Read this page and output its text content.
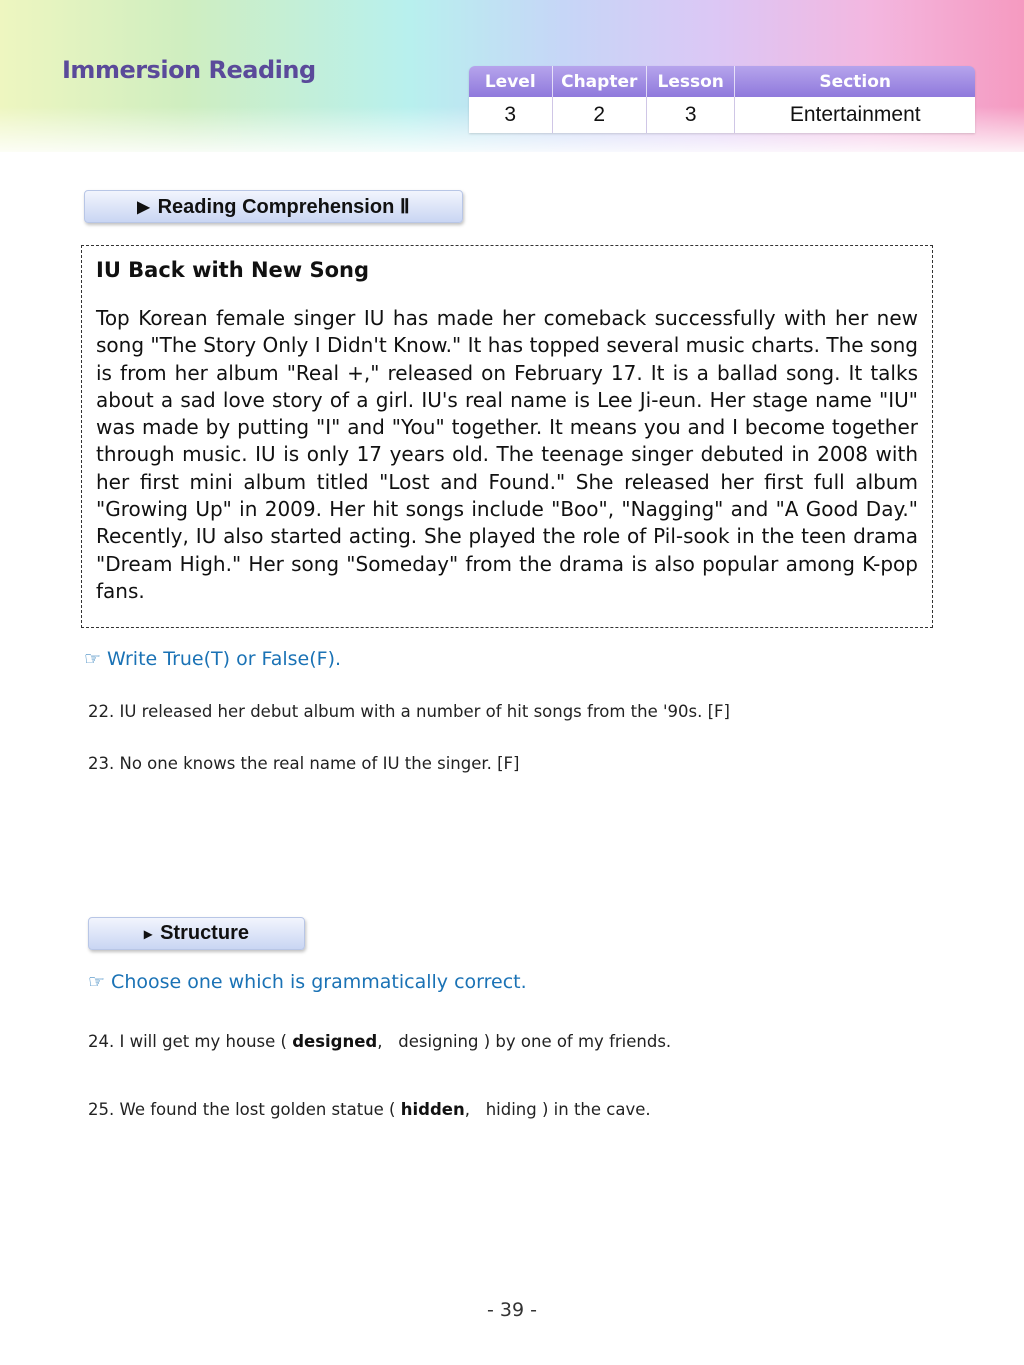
Immersion Reading	Level	Chapter	Lesson	Section
3	2	3	Entertainment
▶ Reading Comprehension Ⅱ

IU Back with New Song

Top Korean female singer IU has made her comeback successfully with her new song "The Story Only I Didn't Know." It has topped several music charts. The song is from her album "Real +," released on February 17. It is a ballad song. It talks about a sad love story of a girl. IU's real name is Lee Ji-eun. Her stage name "IU" was made by putting "I" and "You" together. It means you and I become together through music. IU is only 17 years old. The teenage singer debuted in 2008 with her first mini album titled "Lost and Found." She released her first full album "Growing Up" in 2009. Her hit songs include "Boo", "Nagging" and "A Good Day." Recently, IU also started acting. She played the role of Pil-sook in the teen drama "Dream High." Her song "Someday" from the drama is also popular among K-pop fans.

☞ Write True(T) or False(F).
22. IU released her debut album with a number of hit songs from the '90s. [F]
23. No one knows the real name of IU the singer. [F]
▸ Structure
☞ Choose one which is grammatically correct.
24. I will get my house ( designed,   designing ) by one of my friends.
25. We found the lost golden statue ( hidden,   hiding ) in the cave.
- 39 -
